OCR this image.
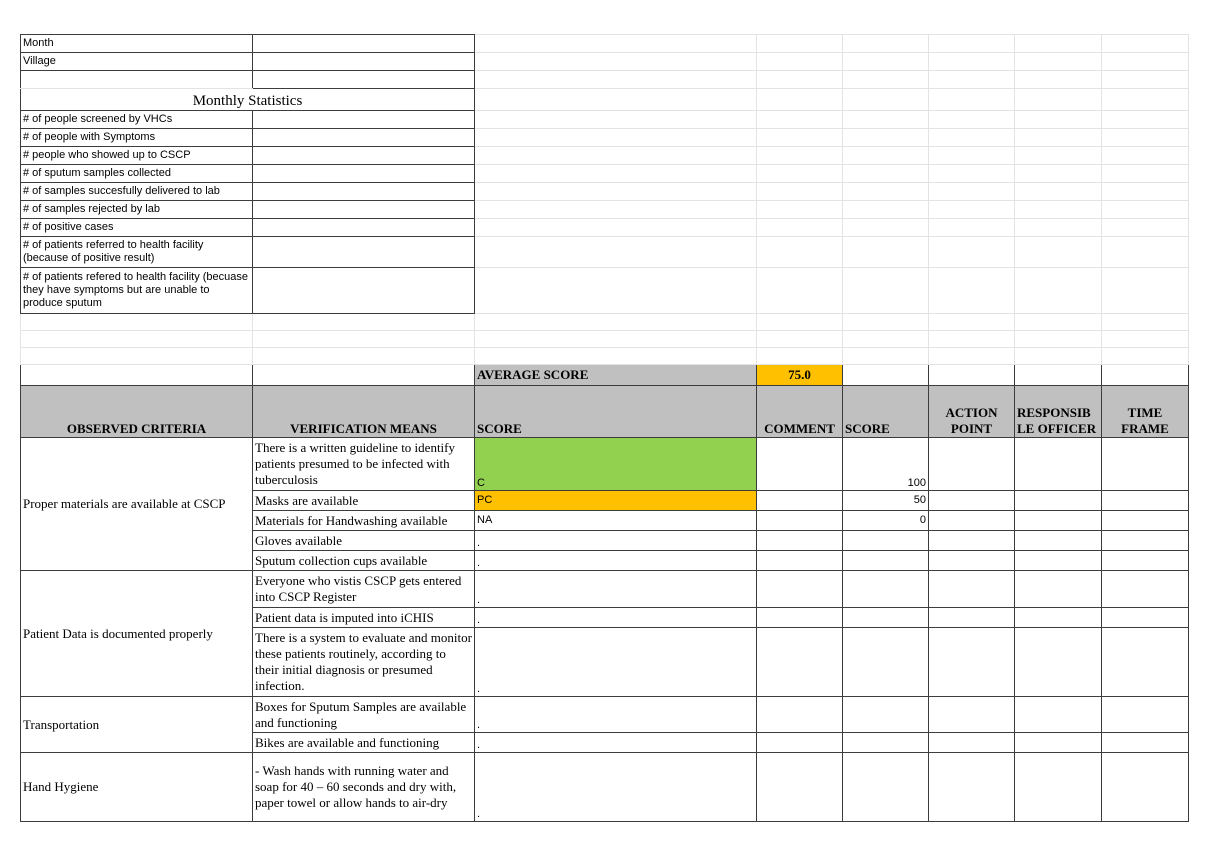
Month							
Village							

Monthly Statistics							
# of people screened by VHCs							
# of people with Symptoms							
# people who showed up to CSCP							
# of sputum samples collected							
# of samples succesfully delivered to lab							
# of samples rejected by lab							
# of positive cases							
# of patients referred to health facility (because of positive result)							
# of patients refered to health facility (becuase they have symptoms but are unable to produce sputum							

		AVERAGE SCORE	75.0				
OBSERVED CRITERIA	VERIFICATION MEANS	SCORE	COMMENT	SCORE	ACTION POINT	RESPONSIBLE OFFICER	TIME FRAME
Proper materials are available at CSCP	There is a written guideline to identify patients presumed to be infected with tuberculosis	C		100			
	Masks are available	PC		50			
	Materials for Handwashing available	NA		0			
	Gloves available	.					
	Sputum collection cups available	.					
Patient Data is documented properly	Everyone who vistis CSCP gets entered into CSCP Register	.					
	Patient data is imputed into iCHIS	.					
	There is a system to evaluate and monitor these patients routinely, according to their initial diagnosis or presumed infection.	.					
Transportation	Boxes for Sputum Samples are available and functioning	.					
	Bikes are available and functioning	.					
Hand Hygiene	- Wash hands with running water and soap for 40 – 60 seconds and dry with, paper towel or allow hands to air-dry	.					
